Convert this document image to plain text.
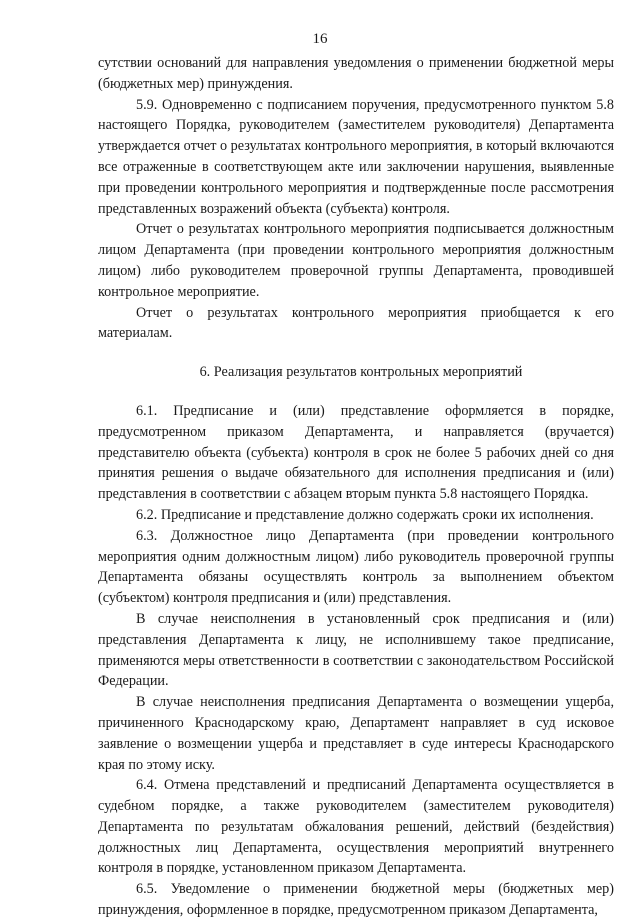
16

сутствии оснований для направления уведомления о применении бюджетной меры (бюджетных мер) принуждения.

5.9. Одновременно с подписанием поручения, предусмотренного пунктом 5.8 настоящего Порядка, руководителем (заместителем руководителя) Департамента утверждается отчет о результатах контрольного мероприятия, в который включаются все отраженные в соответствующем акте или заключении нарушения, выявленные при проведении контрольного мероприятия и подтвержденные после рассмотрения представленных возражений объекта (субъекта) контроля.

Отчет о результатах контрольного мероприятия подписывается должностным лицом Департамента (при проведении контрольного мероприятия должностным лицом) либо руководителем проверочной группы Департамента, проводившей контрольное мероприятие.

Отчет о результатах контрольного мероприятия приобщается к его материалам.

6. Реализация результатов контрольных мероприятий

6.1. Предписание и (или) представление оформляется в порядке, предусмотренном приказом Департамента, и направляется (вручается) представителю объекта (субъекта) контроля в срок не более 5 рабочих дней со дня принятия решения о выдаче обязательного для исполнения предписания и (или) представления в соответствии с абзацем вторым пункта 5.8 настоящего Порядка.

6.2. Предписание и представление должно содержать сроки их исполнения.

6.3. Должностное лицо Департамента (при проведении контрольного мероприятия одним должностным лицом) либо руководитель проверочной группы Департамента обязаны осуществлять контроль за выполнением объектом (субъектом) контроля предписания и (или) представления.

В случае неисполнения в установленный срок предписания и (или) представления Департамента к лицу, не исполнившему такое предписание, применяются меры ответственности в соответствии с законодательством Российской Федерации.

В случае неисполнения предписания Департамента о возмещении ущерба, причиненного Краснодарскому краю, Департамент направляет в суд исковое заявление о возмещении ущерба и представляет в суде интересы Краснодарского края по этому иску.

6.4. Отмена представлений и предписаний Департамента осуществляется в судебном порядке, а также руководителем (заместителем руководителя) Департамента по результатам обжалования решений, действий (бездействия) должностных лиц Департамента, осуществления мероприятий внутреннего контроля в порядке, установленном приказом Департамента.

6.5. Уведомление о применении бюджетной меры (бюджетных мер) принуждения, оформленное в порядке, предусмотренном приказом Департамента,
